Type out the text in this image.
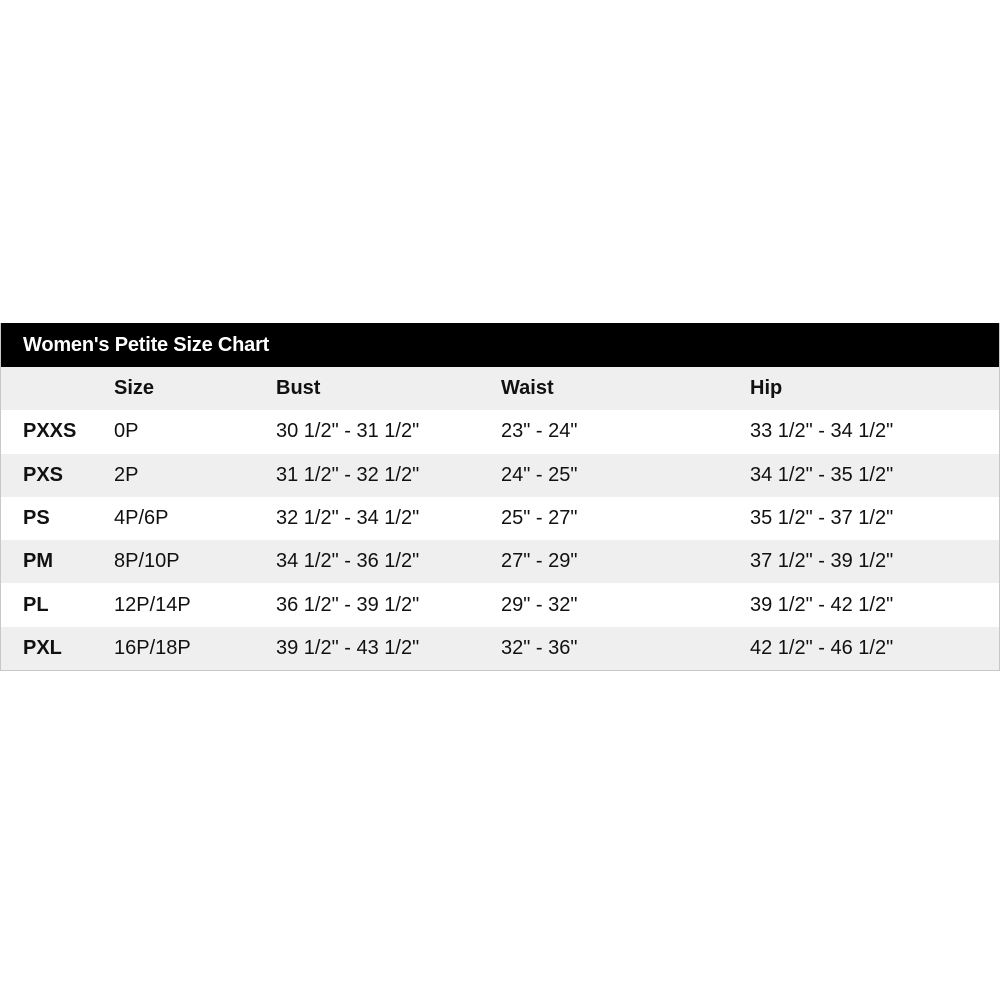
Women's Petite Size Chart
	Size	Bust	Waist	Hip
PXXS	0P	30 1/2" - 31 1/2"	23" - 24"	33 1/2" - 34 1/2"
PXS	2P	31 1/2" - 32 1/2"	24" - 25"	34 1/2" - 35 1/2"
PS	4P/6P	32 1/2" - 34 1/2"	25" - 27"	35 1/2" - 37 1/2"
PM	8P/10P	34 1/2" - 36 1/2"	27" - 29"	37 1/2" - 39 1/2"
PL	12P/14P	36 1/2" - 39 1/2"	29" - 32"	39 1/2" - 42 1/2"
PXL	16P/18P	39 1/2" - 43 1/2"	32" - 36"	42 1/2" - 46 1/2"
